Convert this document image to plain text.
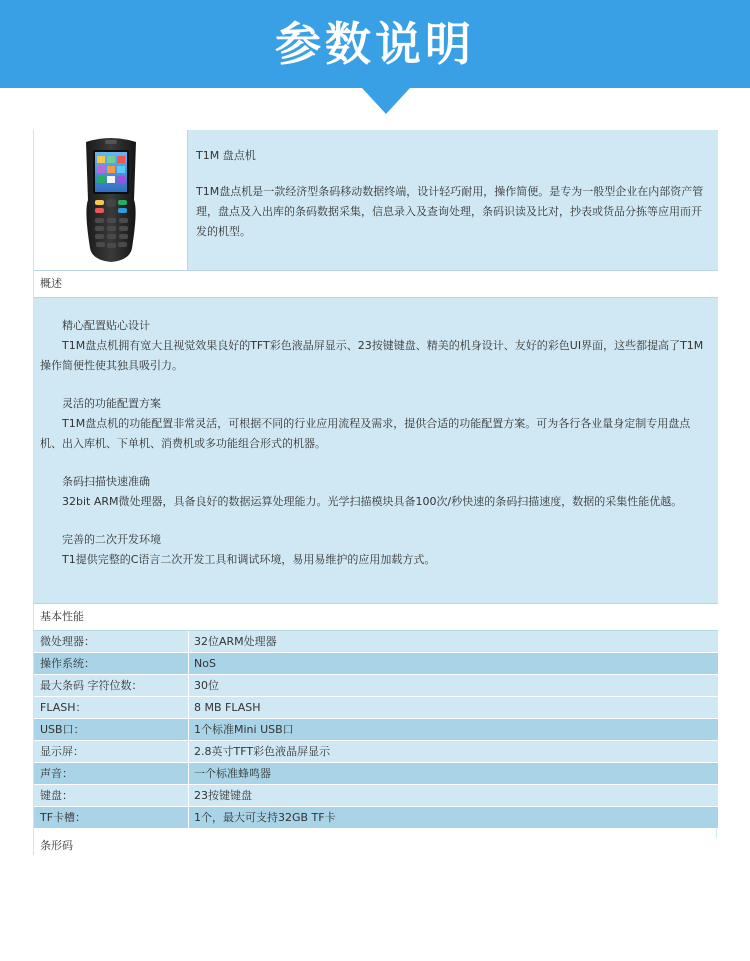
参数说明
T1M 盘点机
T1M盘点机是一款经济型条码移动数据终端，设计轻巧耐用，操作简便。是专为一般型企业在内部资产管理，盘点及入出库的条码数据采集，信息录入及查询处理，条码识读及比对，抄表或货品分拣等应用而开发的机型。
概述
精心配置贴心设计
T1M盘点机拥有宽大且视觉效果良好的TFT彩色液晶屏显示、23按键键盘、精美的机身设计、友好的彩色UI界面，这些都提高了T1M操作简便性使其独具吸引力。
灵活的功能配置方案
T1M盘点机的功能配置非常灵活，可根据不同的行业应用流程及需求，提供合适的功能配置方案。可为各行各业量身定制专用盘点机、出入库机、下单机、消费机或多功能组合形式的机器。
条码扫描快速准确
32bit ARM微处理器，具备良好的数据运算处理能力。光学扫描模块具备100次/秒快速的条码扫描速度，数据的采集性能优越。
完善的二次开发环境
T1提供完整的C语言二次开发工具和调试环境，易用易维护的应用加载方式。
基本性能
微处理器：	32位ARM处理器
操作系统：	NoS
最大条码 字符位数：	30位
FLASH：	8 MB FLASH
USB口：	1个标准Mini USB口
显示屏：	2.8英寸TFT彩色液晶屏显示
声音：	一个标准蜂鸣器
键盘：	23按键键盘
TF卡槽：	1个，最大可支持32GB TF卡
条形码
